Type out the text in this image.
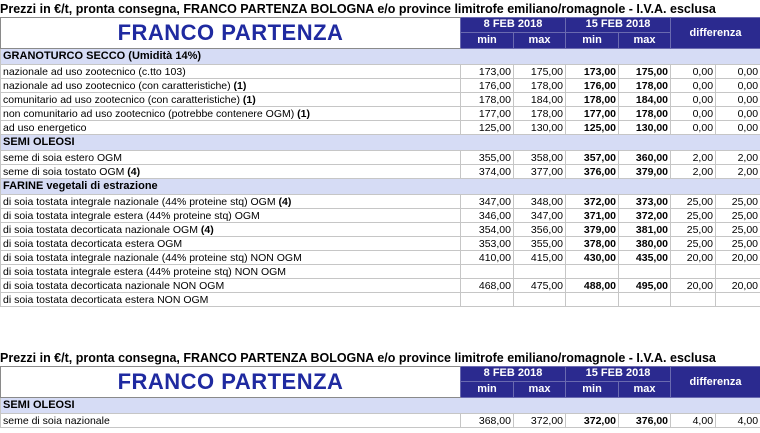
Prezzi in €/t, pronta consegna, FRANCO PARTENZA BOLOGNA e/o province limitrofe emiliano/romagnole - I.V.A. esclusa
FRANCO PARTENZA	8 FEB 2018		15 FEB 2018		differenza	
	min	max	min	max		
GRANOTURCO SECCO (Umidità 14%)						
nazionale ad uso zootecnico (c.tto 103)	173,00	175,00	173,00	175,00	0,00	0,00
nazionale ad uso zootecnico (con caratteristiche) (1)	176,00	178,00	176,00	178,00	0,00	0,00
comunitario ad uso zootecnico (con caratteristiche) (1)	178,00	184,00	178,00	184,00	0,00	0,00
non comunitario ad uso zootecnico (potrebbe contenere OGM) (1)	177,00	178,00	177,00	178,00	0,00	0,00
ad uso energetico	125,00	130,00	125,00	130,00	0,00	0,00
SEMI OLEOSI						
seme di soia estero OGM	355,00	358,00	357,00	360,00	2,00	2,00
seme di soia tostato OGM (4)	374,00	377,00	376,00	379,00	2,00	2,00
FARINE vegetali di estrazione						
di soia tostata integrale nazionale (44% proteine stq) OGM (4)	347,00	348,00	372,00	373,00	25,00	25,00
di soia tostata integrale estera (44% proteine stq) OGM	346,00	347,00	371,00	372,00	25,00	25,00
di soia tostata decorticata nazionale OGM (4)	354,00	356,00	379,00	381,00	25,00	25,00
di soia tostata decorticata estera OGM	353,00	355,00	378,00	380,00	25,00	25,00
di soia tostata integrale nazionale (44% proteine stq) NON OGM	410,00	415,00	430,00	435,00	20,00	20,00
di soia tostata integrale estera (44% proteine stq) NON OGM						
di soia tostata decorticata nazionale NON OGM	468,00	475,00	488,00	495,00	20,00	20,00
di soia tostata decorticata estera NON OGM						
Prezzi in €/t, pronta consegna, FRANCO PARTENZA BOLOGNA e/o province limitrofe emiliano/romagnole - I.V.A. esclusa
FRANCO PARTENZA	8 FEB 2018		15 FEB 2018		differenza	
	min	max	min	max		
SEMI OLEOSI						
seme di soia nazionale	368,00	372,00	372,00	376,00	4,00	4,00
